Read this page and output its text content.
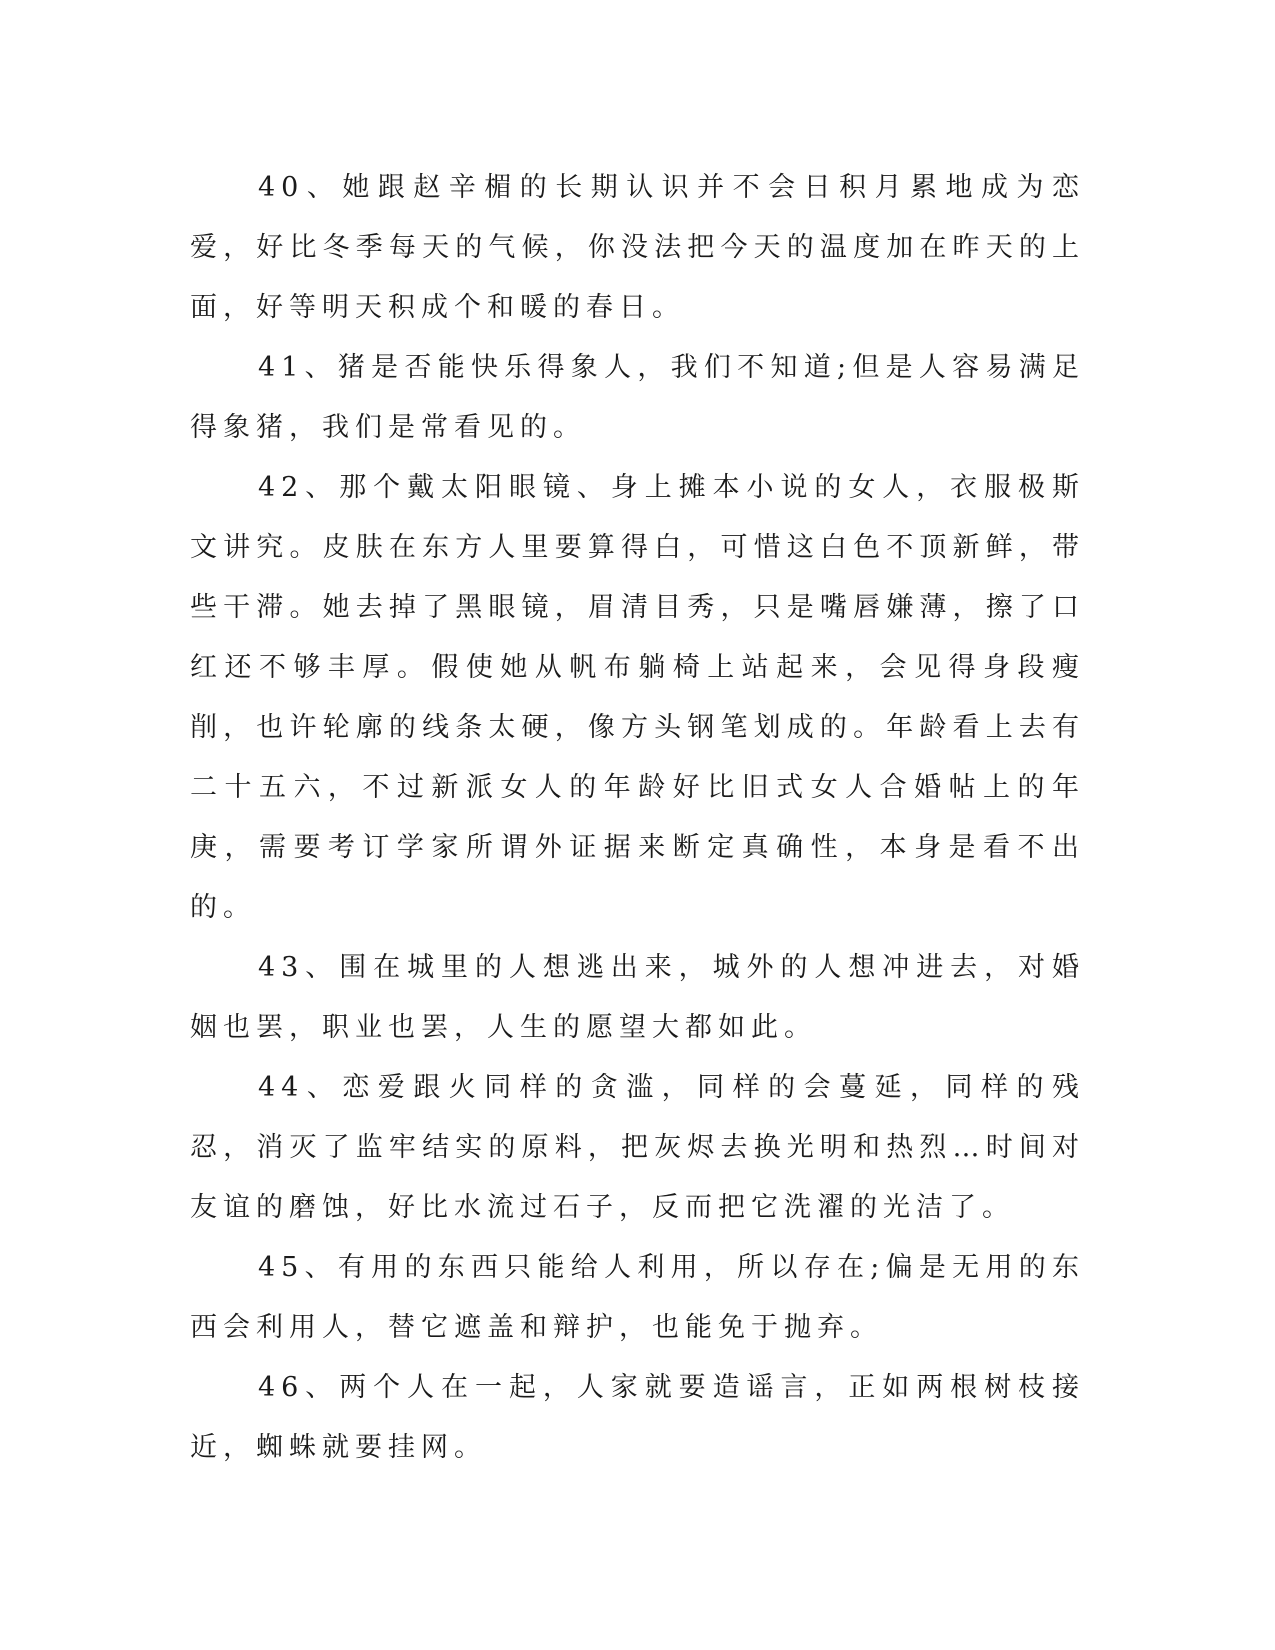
40、她跟赵辛楣的长期认识并不会日积月累地成为恋爱，好比冬季每天的气候，你没法把今天的温度加在昨天的上面，好等明天积成个和暖的春日。

41、猪是否能快乐得象人，我们不知道;但是人容易满足得象猪，我们是常看见的。

42、那个戴太阳眼镜、身上摊本小说的女人，衣服极斯文讲究。皮肤在东方人里要算得白，可惜这白色不顶新鲜，带些干滞。她去掉了黑眼镜，眉清目秀，只是嘴唇嫌薄，擦了口红还不够丰厚。假使她从帆布躺椅上站起来，会见得身段瘦削，也许轮廓的线条太硬，像方头钢笔划成的。年龄看上去有二十五六，不过新派女人的年龄好比旧式女人合婚帖上的年庚，需要考订学家所谓外证据来断定真确性，本身是看不出的。

43、围在城里的人想逃出来，城外的人想冲进去，对婚姻也罢，职业也罢，人生的愿望大都如此。

44、恋爱跟火同样的贪滥，同样的会蔓延，同样的残忍，消灭了监牢结实的原料，把灰烬去换光明和热烈…时间对友谊的磨蚀，好比水流过石子，反而把它洗濯的光洁了。

45、有用的东西只能给人利用，所以存在;偏是无用的东西会利用人，替它遮盖和辩护，也能免于抛弃。

46、两个人在一起，人家就要造谣言，正如两根树枝接近，蜘蛛就要挂网。
